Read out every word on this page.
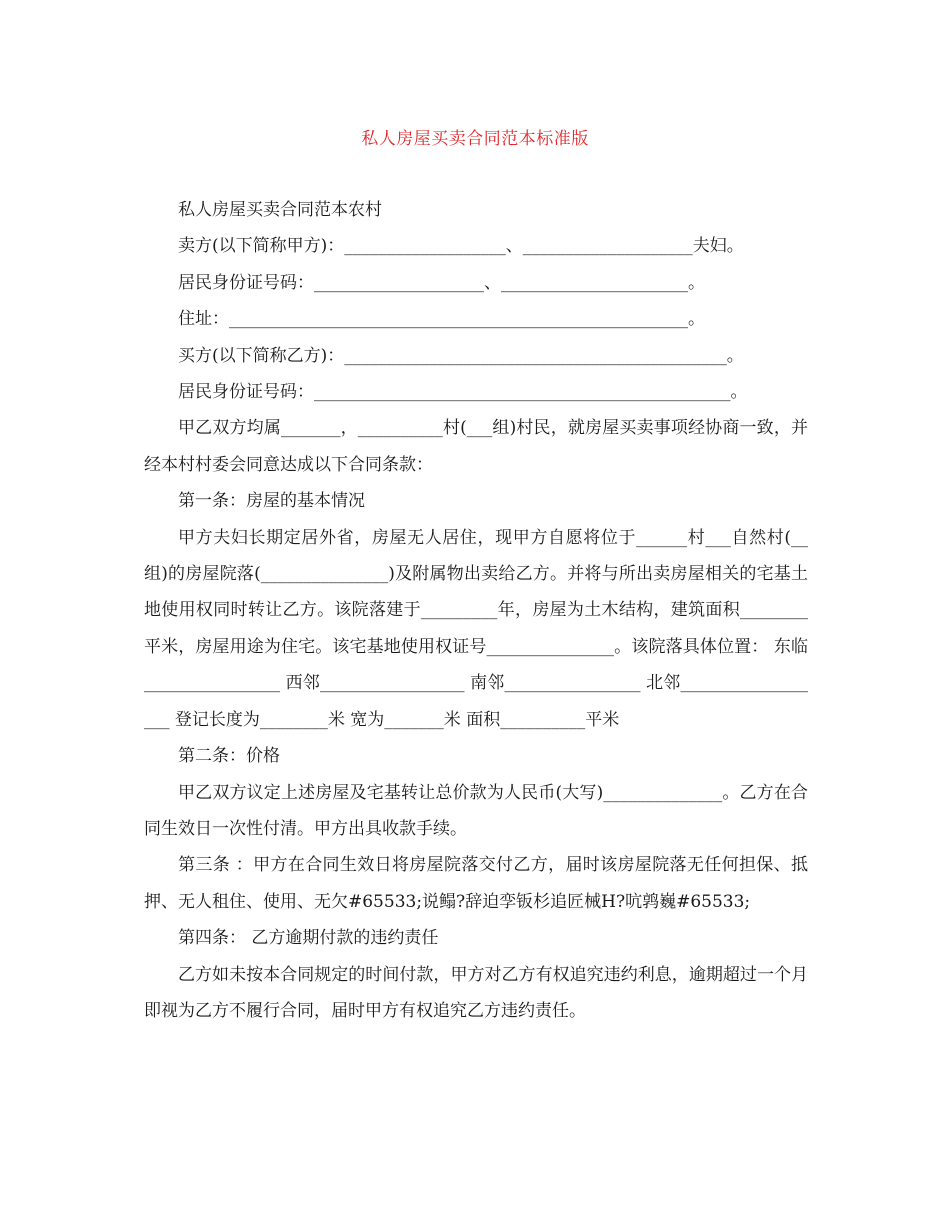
私人房屋买卖合同范本标准版

私人房屋买卖合同范本农村

卖方(以下简称甲方)：___________________、____________________夫妇。

居民身份证号码：____________________、______________________。

住址：______________________________________________________。

买方(以下简称乙方)：_____________________________________________。

居民身份证号码：_________________________________________________。

甲乙双方均属_______，__________村(___组)村民，就房屋买卖事项经协商一致，并经本村村委会同意达成以下合同条款：

第一条：房屋的基本情况

甲方夫妇长期定居外省，房屋无人居住，现甲方自愿将位于______村___自然村(__组)的房屋院落(_______________)及附属物出卖给乙方。并将与所出卖房屋相关的宅基土地使用权同时转让乙方。该院落建于_________年，房屋为土木结构，建筑面积________平米，房屋用途为住宅。该宅基地使用权证号_______________。该院落具体位置： 东临________________ 西邻_________________ 南邻________________ 北邻__________________ 登记长度为________米 宽为_______米 面积__________平米

第二条：价格

甲乙双方议定上述房屋及宅基转让总价款为人民币(大写)______________。乙方在合同生效日一次性付清。甲方出具收款手续。

第三条 ：甲方在合同生效日将房屋院落交付乙方，届时该房屋院落无任何担保、抵押、无人租住、使用、无欠#65533;说鳎?辞迫孪钣杉追匠械H?吭鹑巍#65533;

第四条： 乙方逾期付款的违约责任

乙方如未按本合同规定的时间付款，甲方对乙方有权追究违约利息，逾期超过一个月即视为乙方不履行合同，届时甲方有权追究乙方违约责任。
